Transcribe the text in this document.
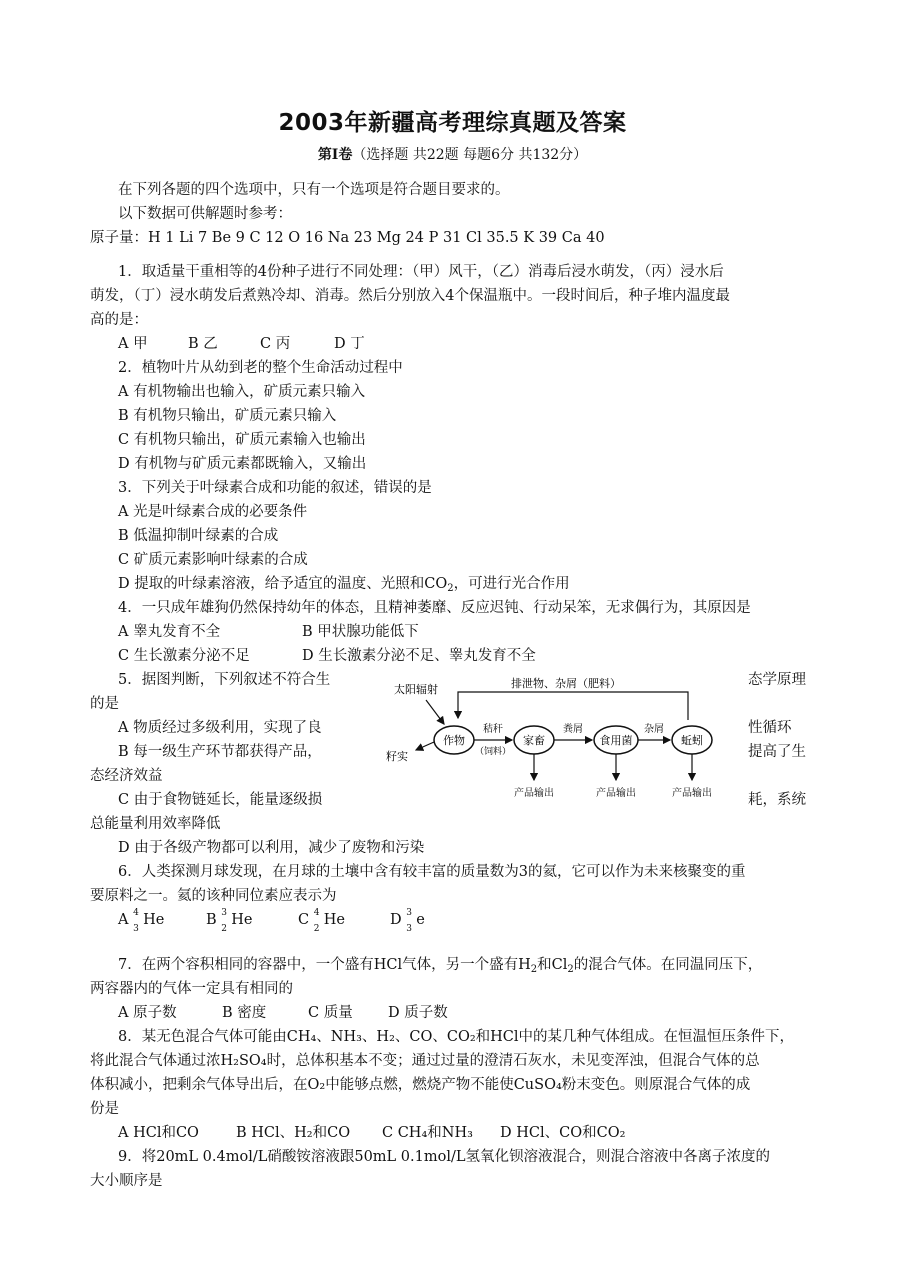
2003年新疆高考理综真题及答案
第Ⅰ卷（选择题 共22题 每题6分 共132分）
在下列各题的四个选项中，只有一个选项是符合题目要求的。
以下数据可供解题时参考：
原子量：H 1 Li 7 Be 9 C 12 O 16 Na 23 Mg 24 P 31 Cl 35.5 K 39 Ca 40
1．取适量干重相等的4份种子进行不同处理：（甲）风干，（乙）消毒后浸水萌发，（丙）浸水后
萌发，（丁）浸水萌发后煮熟冷却、消毒。然后分别放入4个保温瓶中。一段时间后，种子堆内温度最
高的是：
A 甲	B 乙	C 丙	D 丁
2．植物叶片从幼到老的整个生命活动过程中
A 有机物输出也输入，矿质元素只输入
B 有机物只输出，矿质元素只输入
C 有机物只输出，矿质元素输入也输出
D 有机物与矿质元素都既输入，又输出
3．下列关于叶绿素合成和功能的叙述，错误的是
A 光是叶绿素合成的必要条件
B 低温抑制叶绿素的合成
C 矿质元素影响叶绿素的合成
D 提取的叶绿素溶液，给予适宜的温度、光照和$CO_2$，可进行光合作用
4．一只成年雄狗仍然保持幼年的体态，且精神萎靡、反应迟钝、行动呆笨，无求偶行为，其原因是
A 睾丸发育不全	B 甲状腺功能低下
C 生长激素分泌不足	D 生长激素分泌不足、睾丸发育不全
5．据图判断，下列叙述不符合生	态学原理
的是
A 物质经过多级利用，实现了良	性循环
B 每一级生产环节都获得产品，	提高了生
态经济效益
C 由于食物链延长，能量逐级损	耗，系统
总能量利用效率降低
D 由于各级产物都可以利用，减少了废物和污染
排泄物、杂屑（肥料）
太阳辐射
作物	家畜	食用菌	蚯蚓
秸秆
（饲料）
粪屑	杂屑
籽实
产品输出	产品输出	产品输出
6．人类探测月球发现，在月球的土壤中含有较丰富的质量数为3的氦，它可以作为未来核聚变的重
要原料之一。氦的该种同位素应表示为
A 4
3
He	B 3
2
He	C 4
2
He	D 3
3
e
7．在两个容积相同的容器中，一个盛有HCl气体，另一个盛有$H_2$和$Cl_2$的混合气体。在同温同压下，
两容器内的气体一定具有相同的
A 原子数	B 密度	C 质量 D 质子数
8．某无色混合气体可能由CH₄、NH₃、H₂、CO、CO₂和HCl中的某几种气体组成。在恒温恒压条件下，
将此混合气体通过浓H₂SO₄时，总体积基本不变；通过过量的澄清石灰水，未见变浑浊，但混合气体的总
体积减小，把剩余气体导出后，在O₂中能够点燃，燃烧产物不能使CuSO₄粉末变色。则原混合气体的成
份是
A HCl和CO	B HCl、H₂和CO C CH₄和NH₃ D HCl、CO和CO₂
9．将20mL 0.4mol/L硝酸铵溶液跟50mL 0.1mol/L氢氧化钡溶液混合，则混合溶液中各离子浓度的
大小顺序是
